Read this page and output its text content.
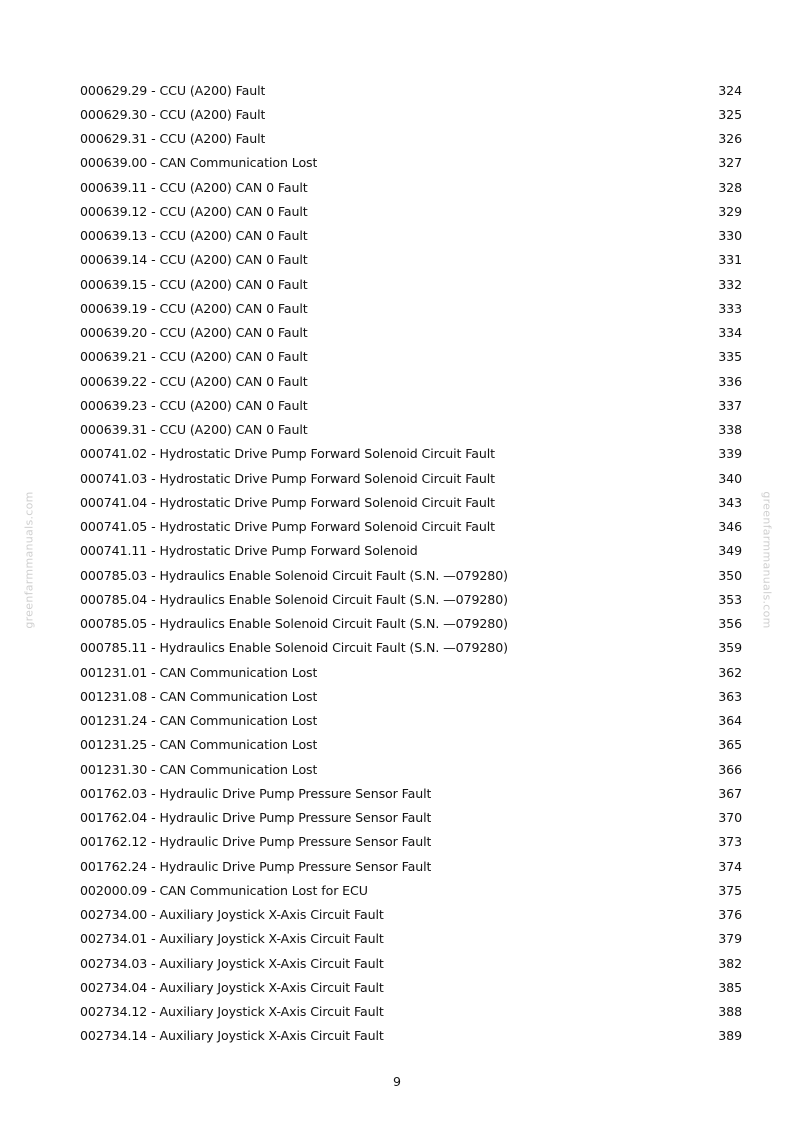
000629.29 - CCU (A200) Fault	324
000629.30 - CCU (A200) Fault	325
000629.31 - CCU (A200) Fault	326
000639.00 - CAN Communication Lost	327
000639.11 - CCU (A200) CAN 0 Fault	328
000639.12 - CCU (A200) CAN 0 Fault	329
000639.13 - CCU (A200) CAN 0 Fault	330
000639.14 - CCU (A200) CAN 0 Fault	331
000639.15 - CCU (A200) CAN 0 Fault	332
000639.19 - CCU (A200) CAN 0 Fault	333
000639.20 - CCU (A200) CAN 0 Fault	334
000639.21 - CCU (A200) CAN 0 Fault	335
000639.22 - CCU (A200) CAN 0 Fault	336
000639.23 - CCU (A200) CAN 0 Fault	337
000639.31 - CCU (A200) CAN 0 Fault	338
000741.02 - Hydrostatic Drive Pump Forward Solenoid Circuit Fault	339
000741.03 - Hydrostatic Drive Pump Forward Solenoid Circuit Fault	340
000741.04 - Hydrostatic Drive Pump Forward Solenoid Circuit Fault	343
000741.05 - Hydrostatic Drive Pump Forward Solenoid Circuit Fault	346
000741.11 - Hydrostatic Drive Pump Forward Solenoid	349
000785.03 - Hydraulics Enable Solenoid Circuit Fault (S.N. —079280)	350
000785.04 - Hydraulics Enable Solenoid Circuit Fault (S.N. —079280)	353
000785.05 - Hydraulics Enable Solenoid Circuit Fault (S.N. —079280)	356
000785.11 - Hydraulics Enable Solenoid Circuit Fault (S.N. —079280)	359
001231.01 - CAN Communication Lost	362
001231.08 - CAN Communication Lost	363
001231.24 - CAN Communication Lost	364
001231.25 - CAN Communication Lost	365
001231.30 - CAN Communication Lost	366
001762.03 - Hydraulic Drive Pump Pressure Sensor Fault	367
001762.04 - Hydraulic Drive Pump Pressure Sensor Fault	370
001762.12 - Hydraulic Drive Pump Pressure Sensor Fault	373
001762.24 - Hydraulic Drive Pump Pressure Sensor Fault	374
002000.09 - CAN Communication Lost for ECU	375
002734.00 - Auxiliary Joystick X-Axis Circuit Fault	376
002734.01 - Auxiliary Joystick X-Axis Circuit Fault	379
002734.03 - Auxiliary Joystick X-Axis Circuit Fault	382
002734.04 - Auxiliary Joystick X-Axis Circuit Fault	385
002734.12 - Auxiliary Joystick X-Axis Circuit Fault	388
002734.14 - Auxiliary Joystick X-Axis Circuit Fault	389
9
greenfarmmanuals.com	greenfarmmanuals.com
